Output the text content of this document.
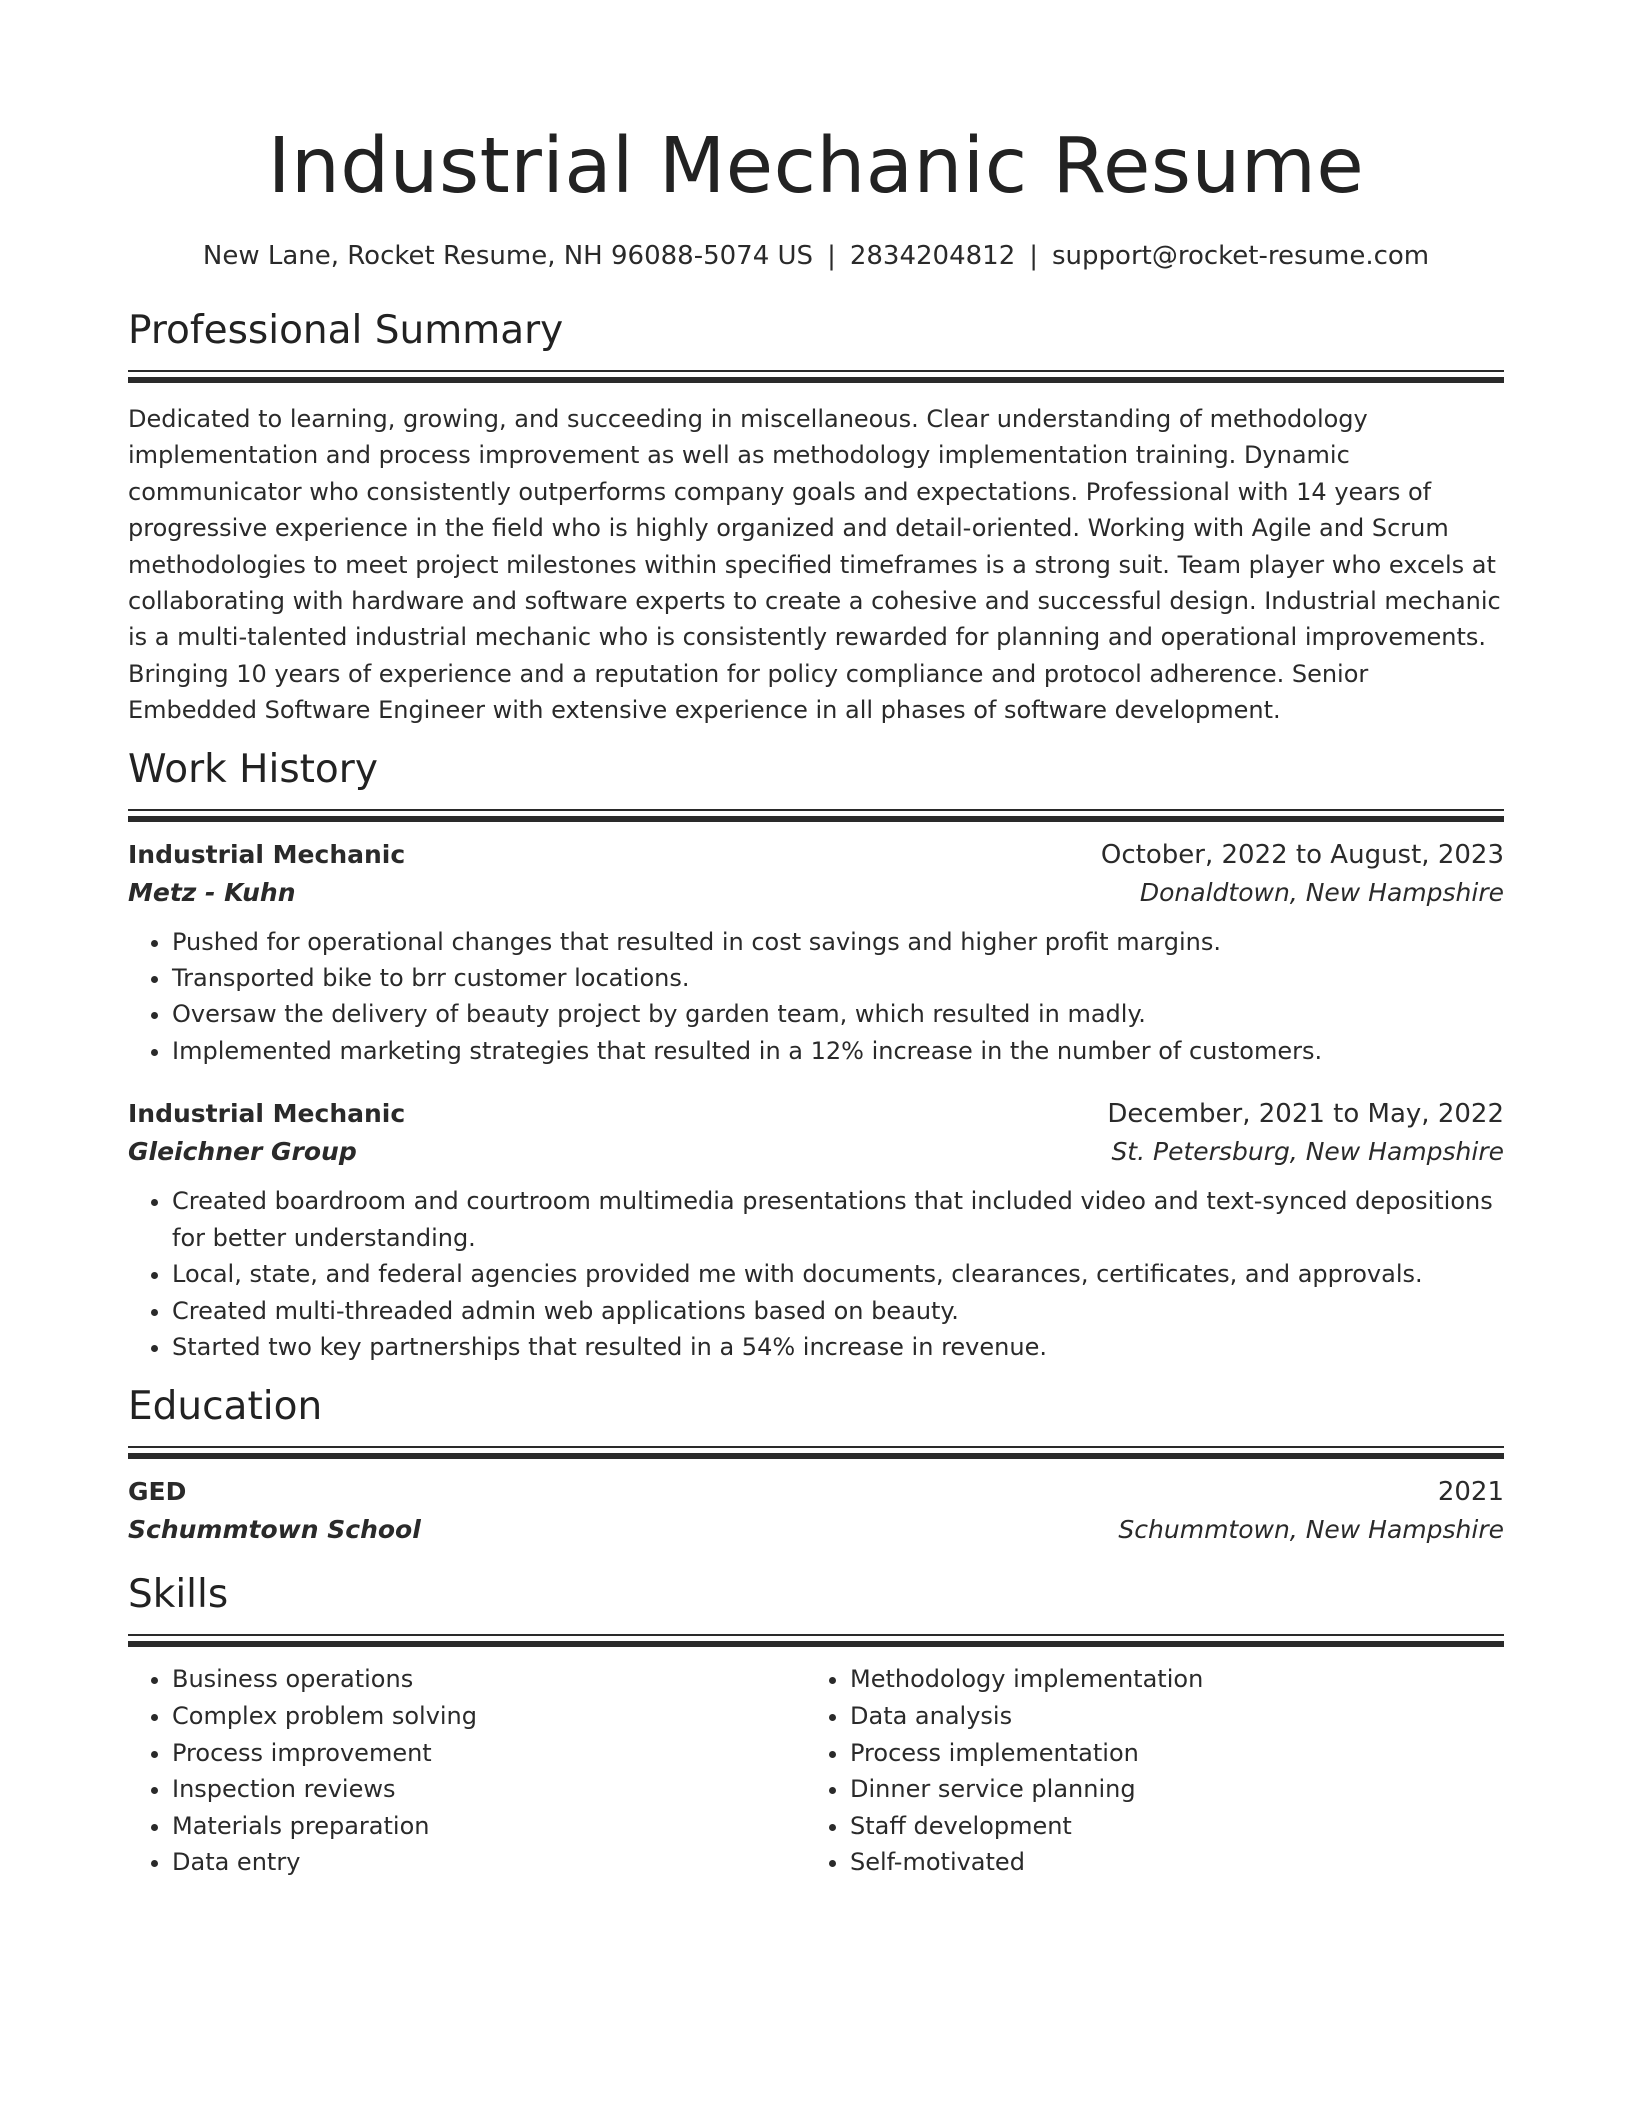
Industrial Mechanic Resume
New Lane, Rocket Resume, NH 96088-5074 US | 2834204812 | support@rocket-resume.com
Professional Summary

Dedicated to learning, growing, and succeeding in miscellaneous. Clear understanding of methodology implementation and process improvement as well as methodology implementation training. Dynamic communicator who consistently outperforms company goals and expectations. Professional with 14 years of progressive experience in the field who is highly organized and detail-oriented. Working with Agile and Scrum methodologies to meet project milestones within specified timeframes is a strong suit. Team player who excels at collaborating with hardware and software experts to create a cohesive and successful design. Industrial mechanic is a multi-talented industrial mechanic who is consistently rewarded for planning and operational improvements. Bringing 10 years of experience and a reputation for policy compliance and protocol adherence. Senior Embedded Software Engineer with extensive experience in all phases of software development.

Work History
Industrial Mechanic	October, 2022 to August, 2023
Metz - Kuhn	Donaldtown, New Hampshire
• Pushed for operational changes that resulted in cost savings and higher profit margins.
• Transported bike to brr customer locations.
• Oversaw the delivery of beauty project by garden team, which resulted in madly.
• Implemented marketing strategies that resulted in a 12% increase in the number of customers.
Industrial Mechanic	December, 2021 to May, 2022
Gleichner Group	St. Petersburg, New Hampshire
• Created boardroom and courtroom multimedia presentations that included video and text-synced depositions for better understanding.
• Local, state, and federal agencies provided me with documents, clearances, certificates, and approvals.
• Created multi-threaded admin web applications based on beauty.
• Started two key partnerships that resulted in a 54% increase in revenue.
Education
GED	2021
Schummtown School	Schummtown, New Hampshire
Skills
• Business operations
• Complex problem solving
• Process improvement
• Inspection reviews
• Materials preparation
• Data entry
• Methodology implementation
• Data analysis
• Process implementation
• Dinner service planning
• Staff development
• Self-motivated
